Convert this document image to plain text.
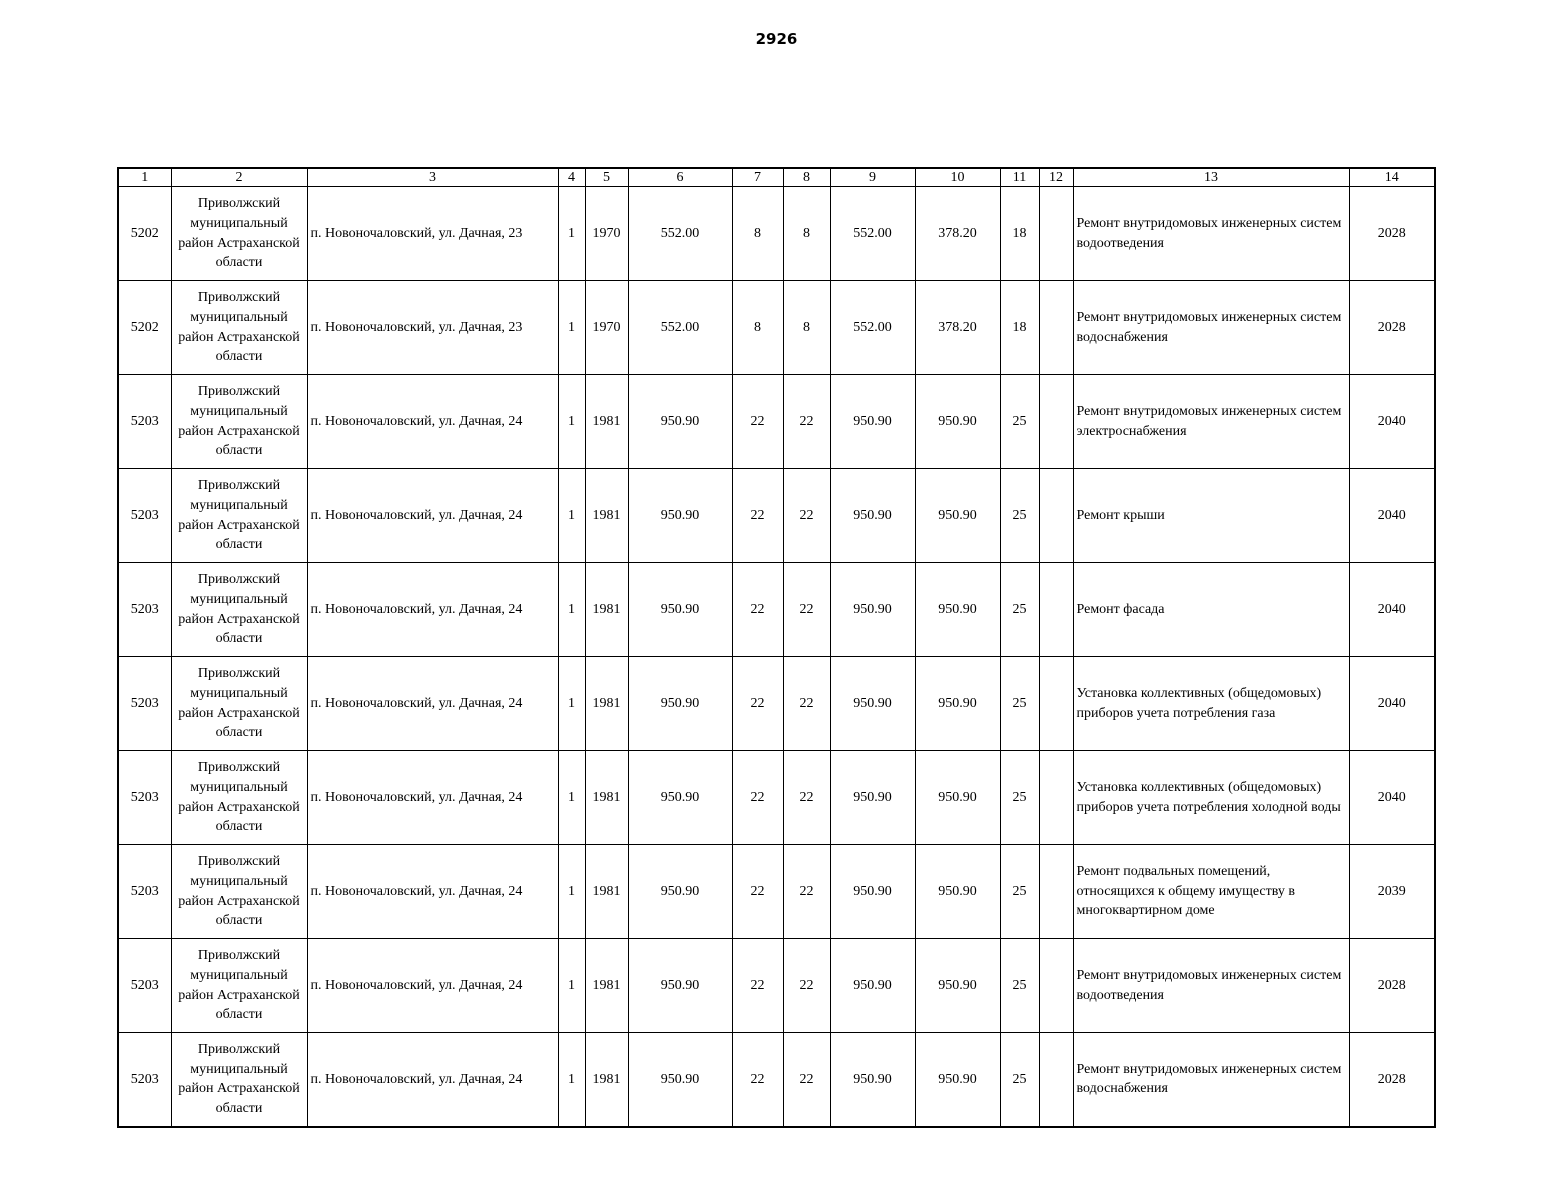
2926
1	2	3	4	5	6	7	8	9	10	11	12	13	14
5202	Приволжский муниципальный район Астраханской области	п. Новоночаловский, ул. Дачная, 23	1	1970	552.00	8	8	552.00	378.20	18		Ремонт внутридомовых инженерных систем водоотведения	2028
5202	Приволжский муниципальный район Астраханской области	п. Новоночаловский, ул. Дачная, 23	1	1970	552.00	8	8	552.00	378.20	18		Ремонт внутридомовых инженерных систем водоснабжения	2028
5203	Приволжский муниципальный район Астраханской области	п. Новоночаловский, ул. Дачная, 24	1	1981	950.90	22	22	950.90	950.90	25		Ремонт внутридомовых инженерных систем электроснабжения	2040
5203	Приволжский муниципальный район Астраханской области	п. Новоночаловский, ул. Дачная, 24	1	1981	950.90	22	22	950.90	950.90	25		Ремонт крыши	2040
5203	Приволжский муниципальный район Астраханской области	п. Новоночаловский, ул. Дачная, 24	1	1981	950.90	22	22	950.90	950.90	25		Ремонт фасада	2040
5203	Приволжский муниципальный район Астраханской области	п. Новоночаловский, ул. Дачная, 24	1	1981	950.90	22	22	950.90	950.90	25		Установка коллективных (общедомовых) приборов учета потребления газа	2040
5203	Приволжский муниципальный район Астраханской области	п. Новоночаловский, ул. Дачная, 24	1	1981	950.90	22	22	950.90	950.90	25		Установка коллективных (общедомовых) приборов учета потребления холодной воды	2040
5203	Приволжский муниципальный район Астраханской области	п. Новоночаловский, ул. Дачная, 24	1	1981	950.90	22	22	950.90	950.90	25		Ремонт подвальных помещений, относящихся к общему имуществу в многоквартирном доме	2039
5203	Приволжский муниципальный район Астраханской области	п. Новоночаловский, ул. Дачная, 24	1	1981	950.90	22	22	950.90	950.90	25		Ремонт внутридомовых инженерных систем водоотведения	2028
5203	Приволжский муниципальный район Астраханской области	п. Новоночаловский, ул. Дачная, 24	1	1981	950.90	22	22	950.90	950.90	25		Ремонт внутридомовых инженерных систем водоснабжения	2028
